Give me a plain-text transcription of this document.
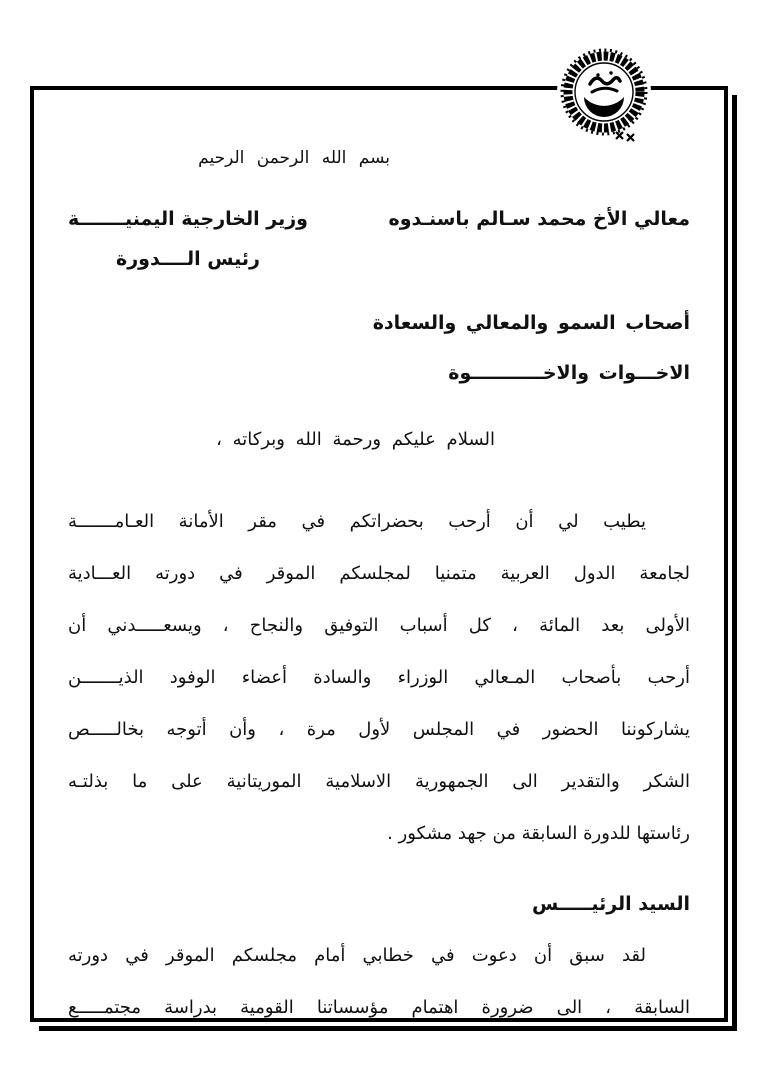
بسم الله الرحمن الرحيم
معالي الأخ محمد سـالم باسنـدوه
وزير الخارجية اليمنيـــــــة
رئيس الــــدورة
أصحاب السمو والمعالي والسعادة
الاخـــوات والاخـــــــــــوة
السلام عليكم ورحمة الله وبركاته ،
يطيب لي أن أرحب بحضراتكم في مقر الأمانة العـامـــــــة
لجامعة الدول العربية متمنيا لمجلسكم الموقر في دورته العـــادية
الأولى بعد المائة ، كل أسباب التوفيق والنجاح ، ويسعـــــدني أن
أرحب بأصحاب المـعالي الوزراء والسادة أعضاء الوفود الذيـــــــن
يشاركوننا الحضور في المجلس لأول مرة ، وأن أتوجه بخالـــــص
الشكر والتقدير الى الجمهورية الاسلامية الموريتانية على ما بذلتـه
رئاستها للدورة السابقة من جهد مشكور .
السيد الرئيـــــس
لقد سبق أن دعوت في خطابي أمام مجلسكم الموقر في دورته
السابقة ، الى ضرورة اهتمام مؤسساتنا القومية بدراسة مجتمـــــع
